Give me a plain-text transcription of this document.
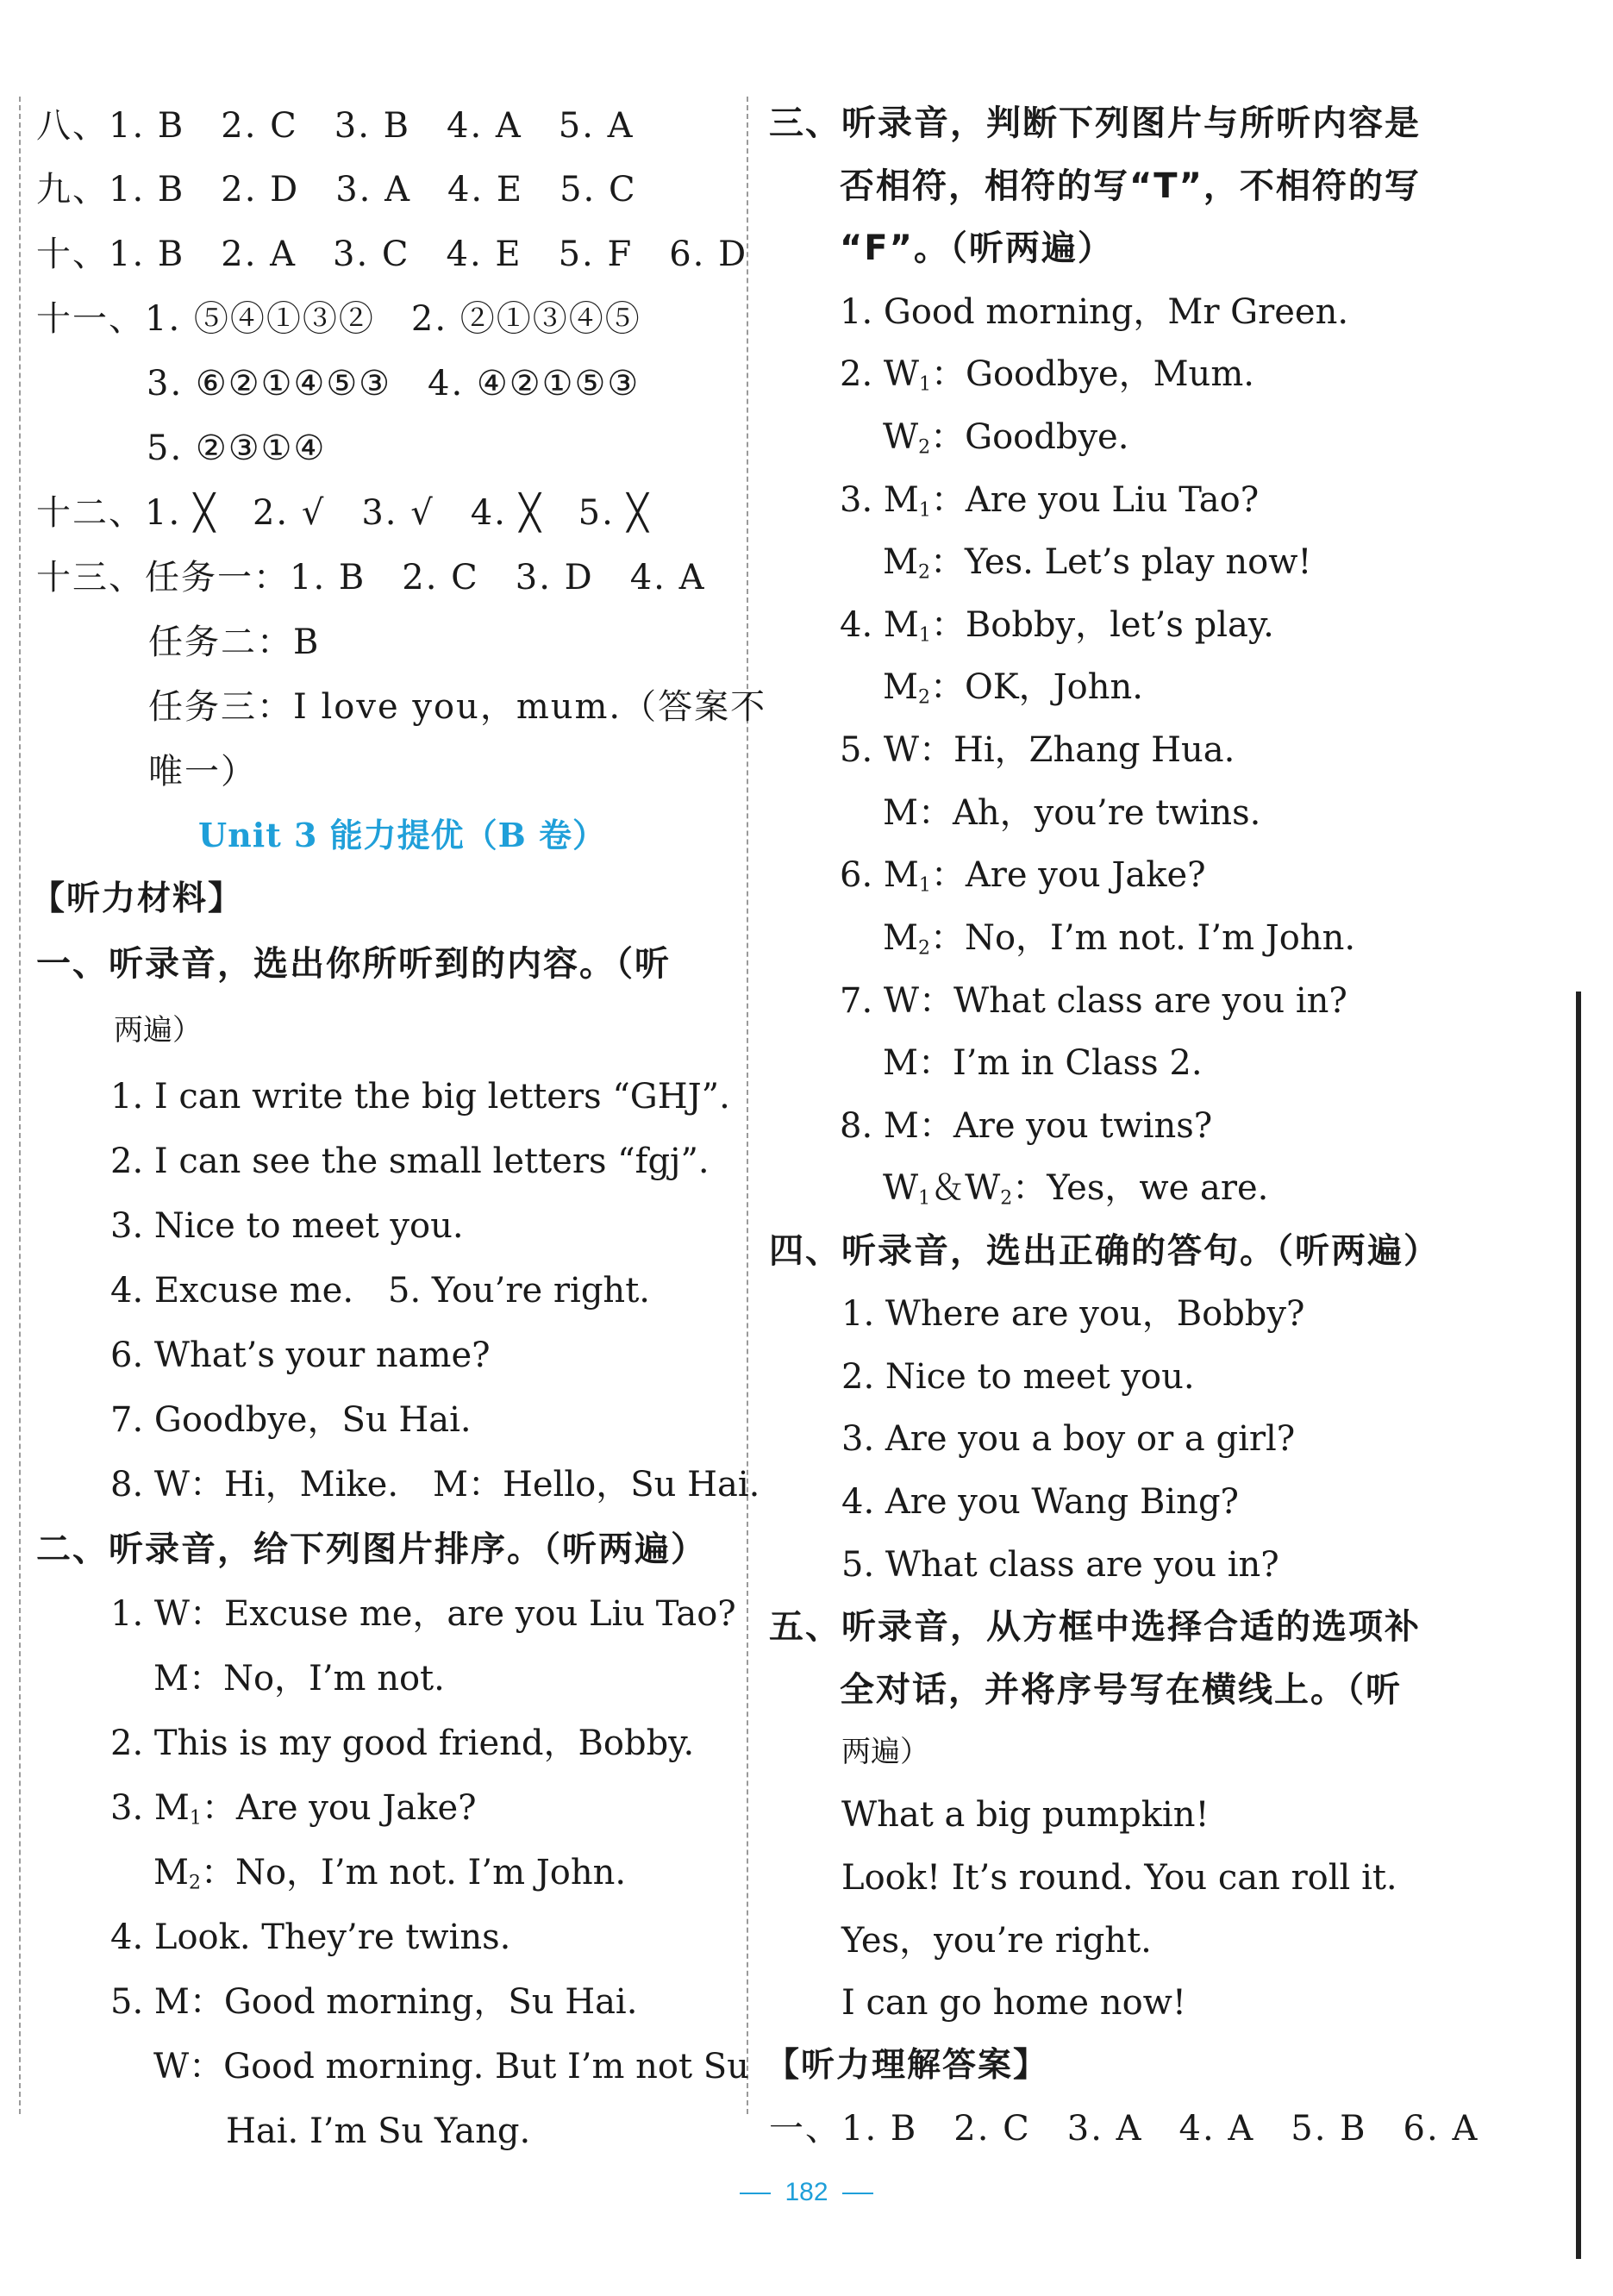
八、1. B　2. C　3. B　4. A　5. A
九、1. B　2. D　3. A　4. E　5. C
十、1. B　2. A　3. C　4. E　5. F　6. D
十一、1. ⑤④①③②　2. ②①③④⑤
3. ⑥②①④⑤③　4. ④②①⑤③
5. ②③①④
十二、1. ╳　2. √　3. √　4. ╳　5. ╳
十三、任务一：1. B　2. C　3. D　4. A
任务二：B
任务三：I love you，mum.（答案不
唯一）
Unit 3 能力提优（B 卷）
【听力材料】
一、听录音，选出你所听到的内容。（听
两遍）
1. I can write the big letters “GHJ”.
2. I can see the small letters “fgj”.
3. Nice to meet you.
4. Excuse me.　5. You’re right.
6. What’s your name?
7. Goodbye，Su Hai.
8. W：Hi，Mike.　M：Hello，Su Hai.
二、听录音，给下列图片排序。（听两遍）
1. W：Excuse me，are you Liu Tao?
M：No，I’m not.
2. This is my good friend，Bobby.
3. $M_1$：Are you Jake?
$M_2$：No，I’m not. I’m John.
4. Look. They’re twins.
5. M：Good morning，Su Hai.
W：Good morning. But I’m not Su
Hai. I’m Su Yang.
三、听录音，判断下列图片与所听内容是
否相符，相符的写“T”，不相符的写
“F”。（听两遍）
1. Good morning，Mr Green.
2. $W_1$：Goodbye，Mum.
$W_2$：Goodbye.
3. $M_1$：Are you Liu Tao?
$M_2$：Yes. Let’s play now!
4. $M_1$：Bobby，let’s play.
$M_2$：OK，John.
5. W：Hi，Zhang Hua.
M：Ah，you’re twins.
6. $M_1$：Are you Jake?
$M_2$：No，I’m not. I’m John.
7. W：What class are you in?
M：I’m in Class 2.
8. M：Are you twins?
$W_1$＆$W_2$：Yes，we are.
四、听录音，选出正确的答句。（听两遍）
1. Where are you，Bobby?
2. Nice to meet you.
3. Are you a boy or a girl?
4. Are you Wang Bing?
5. What class are you in?
五、听录音，从方框中选择合适的选项补
全对话，并将序号写在横线上。（听
两遍）
What a big pumpkin!
Look! It’s round. You can roll it.
Yes，you’re right.
I can go home now!
【听力理解答案】
一、1. B　2. C　3. A　4. A　5. B　6. A
182
